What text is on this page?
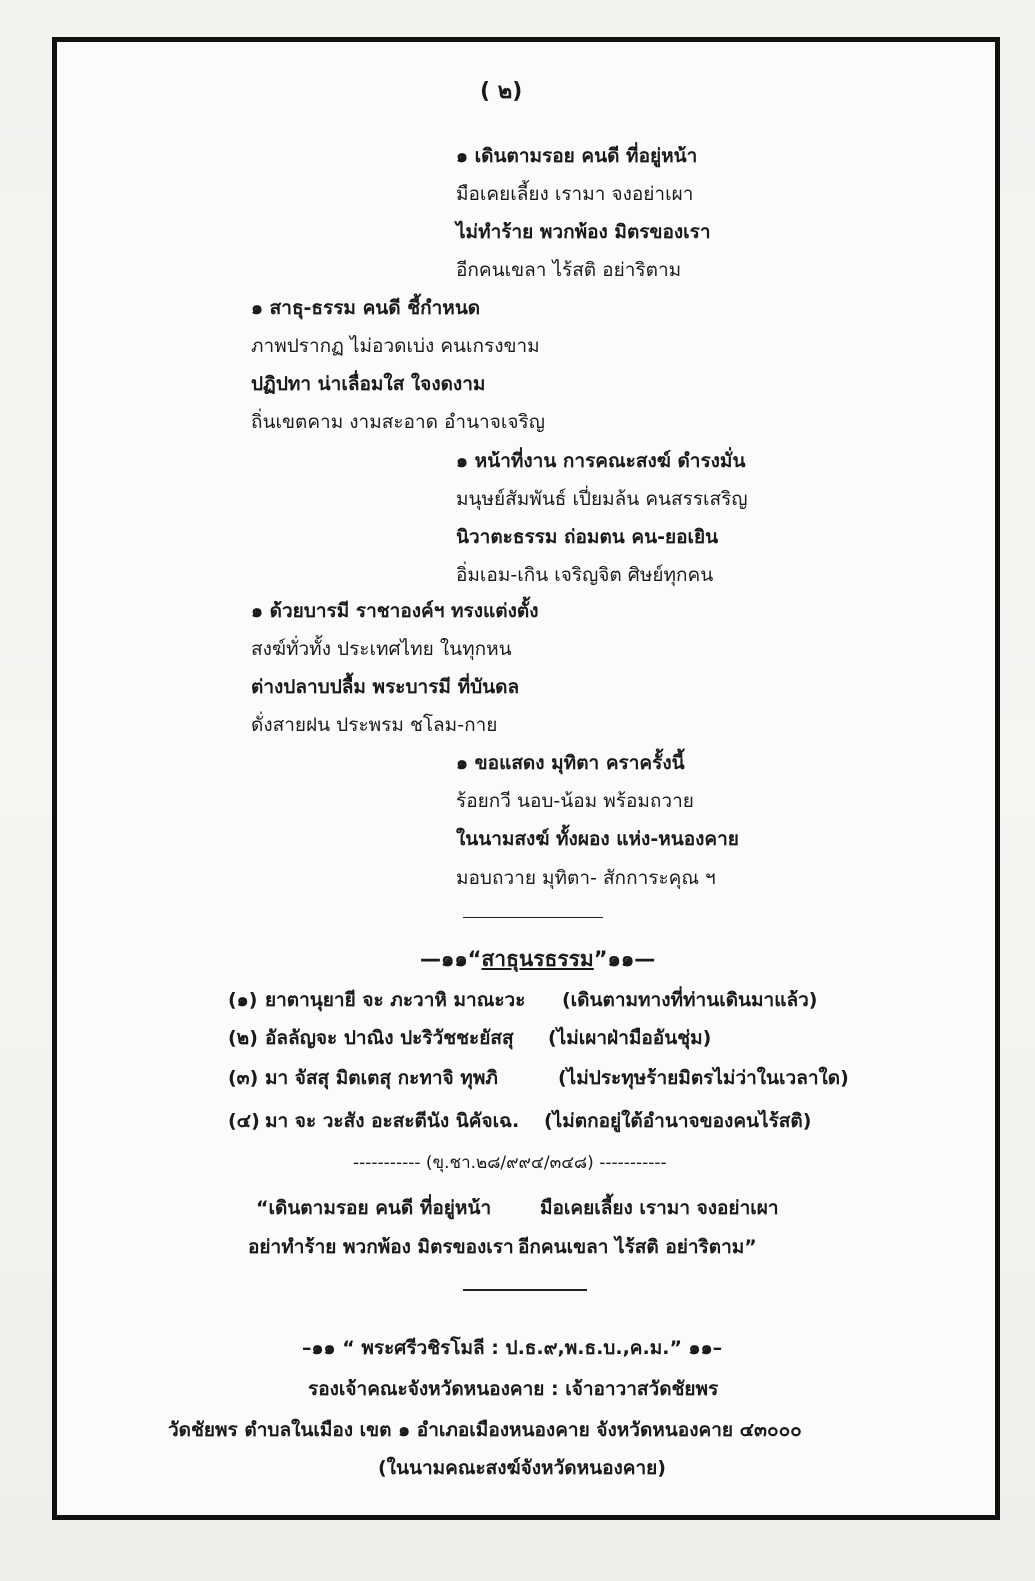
( ๒)
๑ เดินตามรอย คนดี ที่อยู่หน้า
มือเคยเลี้ยง เรามา จงอย่าเผา
ไม่ทำร้าย พวกพ้อง มิตรของเรา
อีกคนเขลา ไร้สติ อย่าริตาม
๑ สาธุ-ธรรม คนดี ชี้กำหนด
ภาพปรากฏ ไม่อวดเบ่ง คนเกรงขาม
ปฏิปทา น่าเลื่อมใส ใจงดงาม
ถิ่นเขตคาม งามสะอาด อำนาจเจริญ
๑ หน้าที่งาน การคณะสงฆ์ ดำรงมั่น
มนุษย์สัมพันธ์ เปี่ยมล้น คนสรรเสริญ
นิวาตะธรรม ถ่อมตน คน-ยอเยิน
อิ่มเอม-เกิน เจริญจิต ศิษย์ทุกคน
๑ ด้วยบารมี ราชาองค์ฯ ทรงแต่งตั้ง
สงฆ์ทั่วทั้ง ประเทศไทย ในทุกหน
ต่างปลาบปลื้ม พระบารมี ที่บันดล
ดั่งสายฝน ประพรม ชโลม-กาย
๑ ขอแสดง มุทิตา คราครั้งนี้
ร้อยกวี นอบ-น้อม พร้อมถวาย
ในนามสงฆ์ ทั้งผอง แห่ง-หนองคาย
มอบถวาย มุทิตา- สักการะคุณ ฯ
—๑๑“สาธุนรธรรม”๑๑—
(๑) ยาตานุยายี จะ ภะวาหิ มาณะวะ (เดินตามทางที่ท่านเดินมาแล้ว)
(๒) อัลลัญจะ ปาณิง ปะริวัชชะยัสสุ (ไม่เผาฝ่ามืออันชุ่ม)
(๓) มา จัสสุ มิตเตสุ กะทาจิ ทุพภิ	(ไม่ประทุษร้ายมิตรไม่ว่าในเวลาใด)
(๔) มา จะ วะสัง อะสะตีนัง นิคัจเฉ. (ไม่ตกอยู่ใต้อำนาจของคนไร้สติ)
----------- (ขุ.ชา.๒๘/๙๙๔/๓๔๘) -----------
“เดินตามรอย คนดี ที่อยู่หน้า	มือเคยเลี้ยง เรามา จงอย่าเผา
อย่าทำร้าย พวกพ้อง มิตรของเรา อีกคนเขลา ไร้สติ อย่าริตาม”
–๑๑ “ พระศรีวชิรโมลี : ป.ธ.๙,พ.ธ.บ.,ค.ม.” ๑๑–
รองเจ้าคณะจังหวัดหนองคาย : เจ้าอาวาสวัดชัยพร
วัดชัยพร ตำบลในเมือง เขต ๑ อำเภอเมืองหนองคาย จังหวัดหนองคาย ๔๓๐๐๐
(ในนามคณะสงฆ์จังหวัดหนองคาย)
